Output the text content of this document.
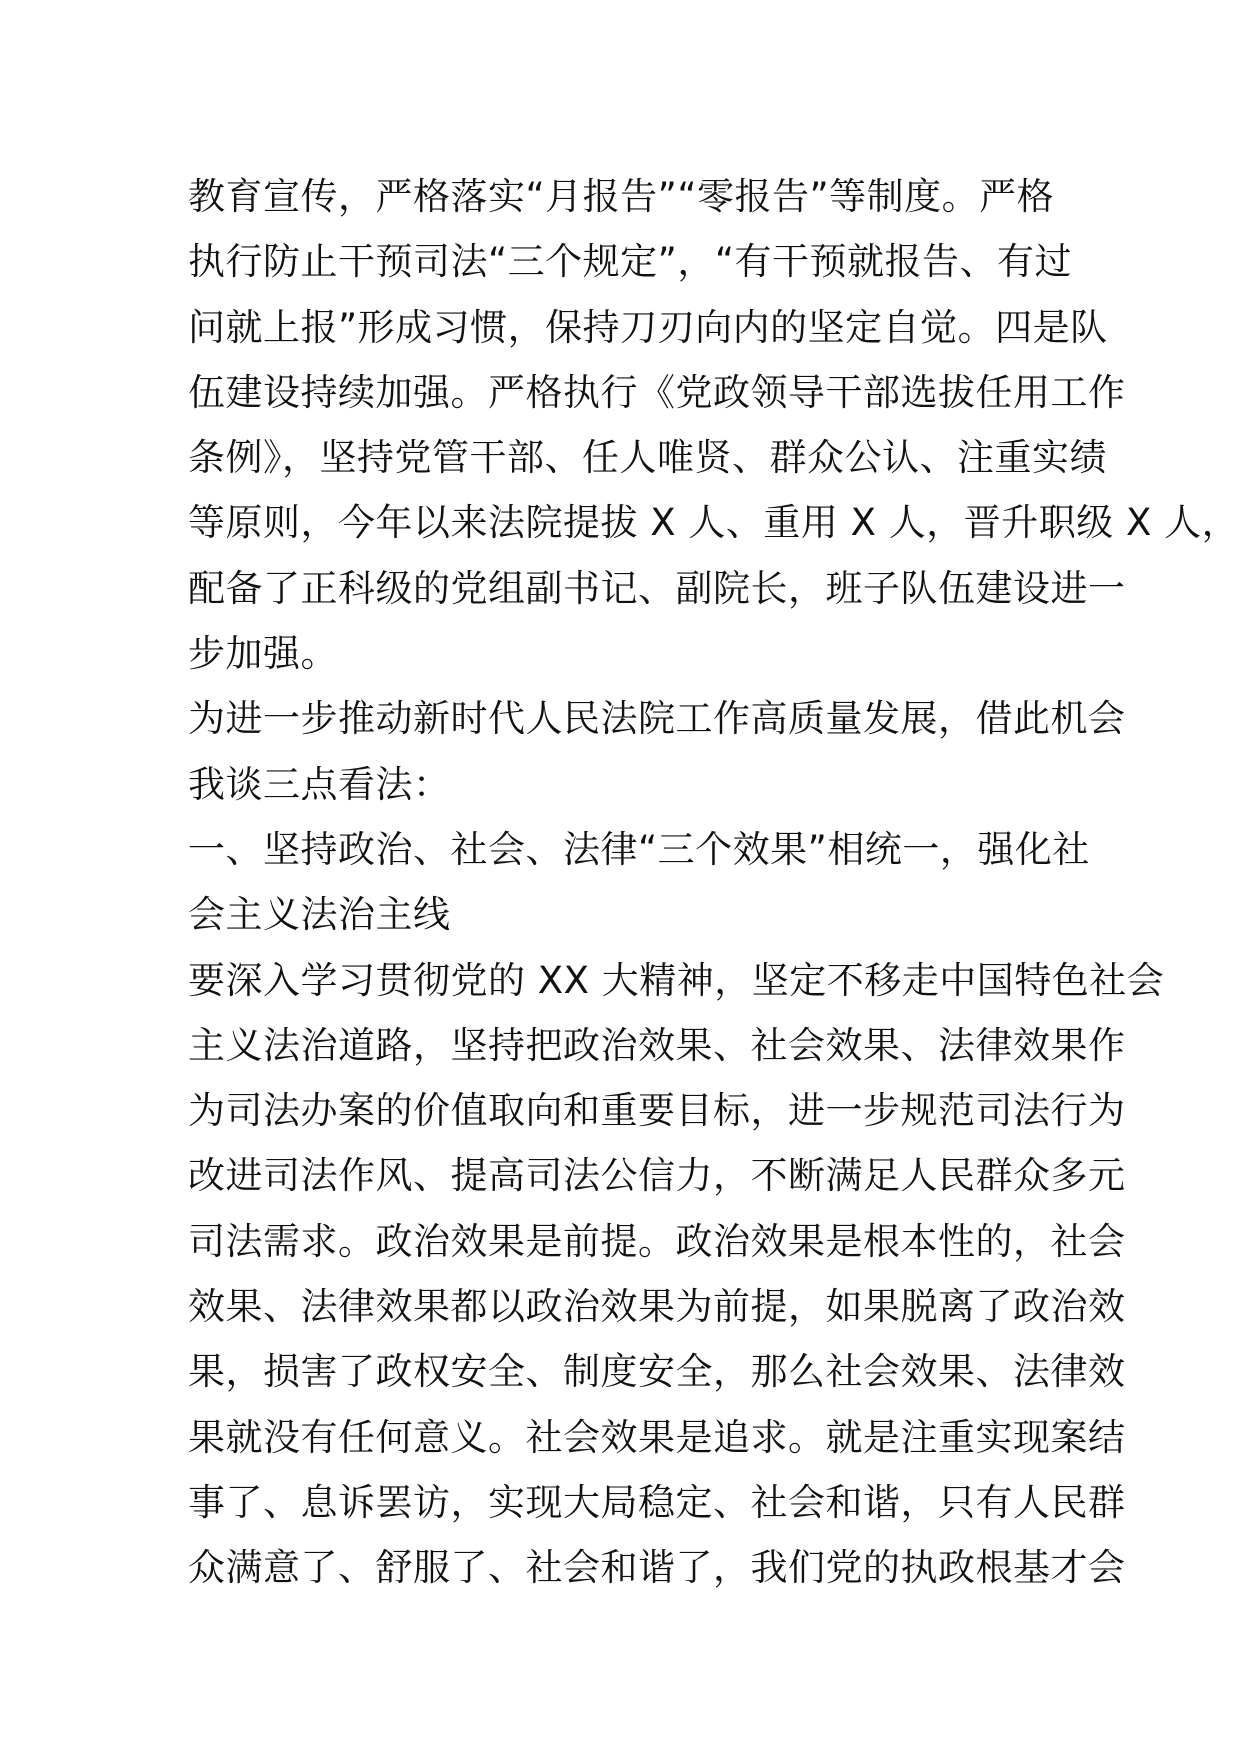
教育宣传，严格落实“月报告”“零报告”等制度。严格
执行防止干预司法“三个规定”，“有干预就报告、有过
问就上报”形成习惯，保持刀刃向内的坚定自觉。四是队
伍建设持续加强。严格执行《党政领导干部选拔任用工作
条例》，坚持党管干部、任人唯贤、群众公认、注重实绩
等原则，今年以来法院提拔 X 人、重用 X 人，晋升职级 X 人，
配备了正科级的党组副书记、副院长，班子队伍建设进一
步加强。
为进一步推动新时代人民法院工作高质量发展，借此机会
我谈三点看法：
一、坚持政治、社会、法律“三个效果”相统一，强化社
会主义法治主线
要深入学习贯彻党的 XX 大精神，坚定不移走中国特色社会
主义法治道路，坚持把政治效果、社会效果、法律效果作
为司法办案的价值取向和重要目标，进一步规范司法行为
改进司法作风、提高司法公信力，不断满足人民群众多元
司法需求。政治效果是前提。政治效果是根本性的，社会
效果、法律效果都以政治效果为前提，如果脱离了政治效
果，损害了政权安全、制度安全，那么社会效果、法律效
果就没有任何意义。社会效果是追求。就是注重实现案结
事了、息诉罢访，实现大局稳定、社会和谐，只有人民群
众满意了、舒服了、社会和谐了，我们党的执政根基才会
